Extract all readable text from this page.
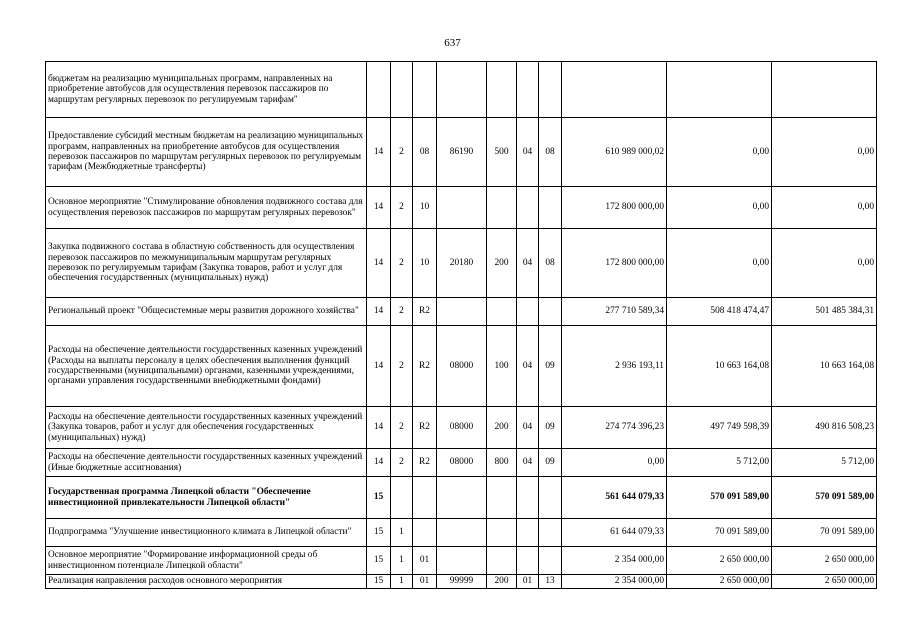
637
бюджетам на реализацию муниципальных программ, направленных на приобретение автобусов для осуществления перевозок пассажиров по маршрутам регулярных перевозок по регулируемым тарифам"										
Предоставление субсидий местным бюджетам на реализацию муниципальных программ, направленных на приобретение автобусов для осуществления перевозок пассажиров по маршрутам регулярных перевозок по регулируемым тарифам (Межбюджетные трансферты)	14	2	08	86190	500	04	08	610 989 000,02	0,00	0,00
Основное мероприятие "Стимулирование обновления подвижного состава для осуществления перевозок пассажиров по маршрутам регулярных перевозок"	14	2	10					172 800 000,00	0,00	0,00
Закупка подвижного состава в областную собственность для осуществления перевозок пассажиров по межмуниципальным маршрутам регулярных перевозок по регулируемым тарифам (Закупка товаров, работ и услуг для обеспечения государственных (муниципальных) нужд)	14	2	10	20180	200	04	08	172 800 000,00	0,00	0,00
Региональный проект "Общесистемные меры развития дорожного хозяйства"	14	2	R2					277 710 589,34	508 418 474,47	501 485 384,31
Расходы на обеспечение деятельности государственных казенных учреждений (Расходы на выплаты персоналу в целях обеспечения выполнения функций государственными (муниципальными) органами, казенными учреждениями, органами управления государственными внебюджетными фондами)	14	2	R2	08000	100	04	09	2 936 193,11	10 663 164,08	10 663 164,08
Расходы на обеспечение деятельности государственных казенных учреждений (Закупка товаров, работ и услуг для обеспечения государственных (муниципальных) нужд)	14	2	R2	08000	200	04	09	274 774 396,23	497 749 598,39	490 816 508,23
Расходы на обеспечение деятельности государственных казенных учреждений (Иные бюджетные ассигнования)	14	2	R2	08000	800	04	09	0,00	5 712,00	5 712,00
Государственная программа Липецкой области "Обеспечение инвестиционной привлекательности Липецкой области"	15							561 644 079,33	570 091 589,00	570 091 589,00
Подпрограмма "Улучшение инвестиционного климата в Липецкой области"	15	1						61 644 079,33	70 091 589,00	70 091 589,00
Основное мероприятие "Формирование информационной среды об инвестиционном потенциале Липецкой области"	15	1	01					2 354 000,00	2 650 000,00	2 650 000,00
Реализация направления расходов основного мероприятия	15	1	01	99999	200	01	13	2 354 000,00	2 650 000,00	2 650 000,00
